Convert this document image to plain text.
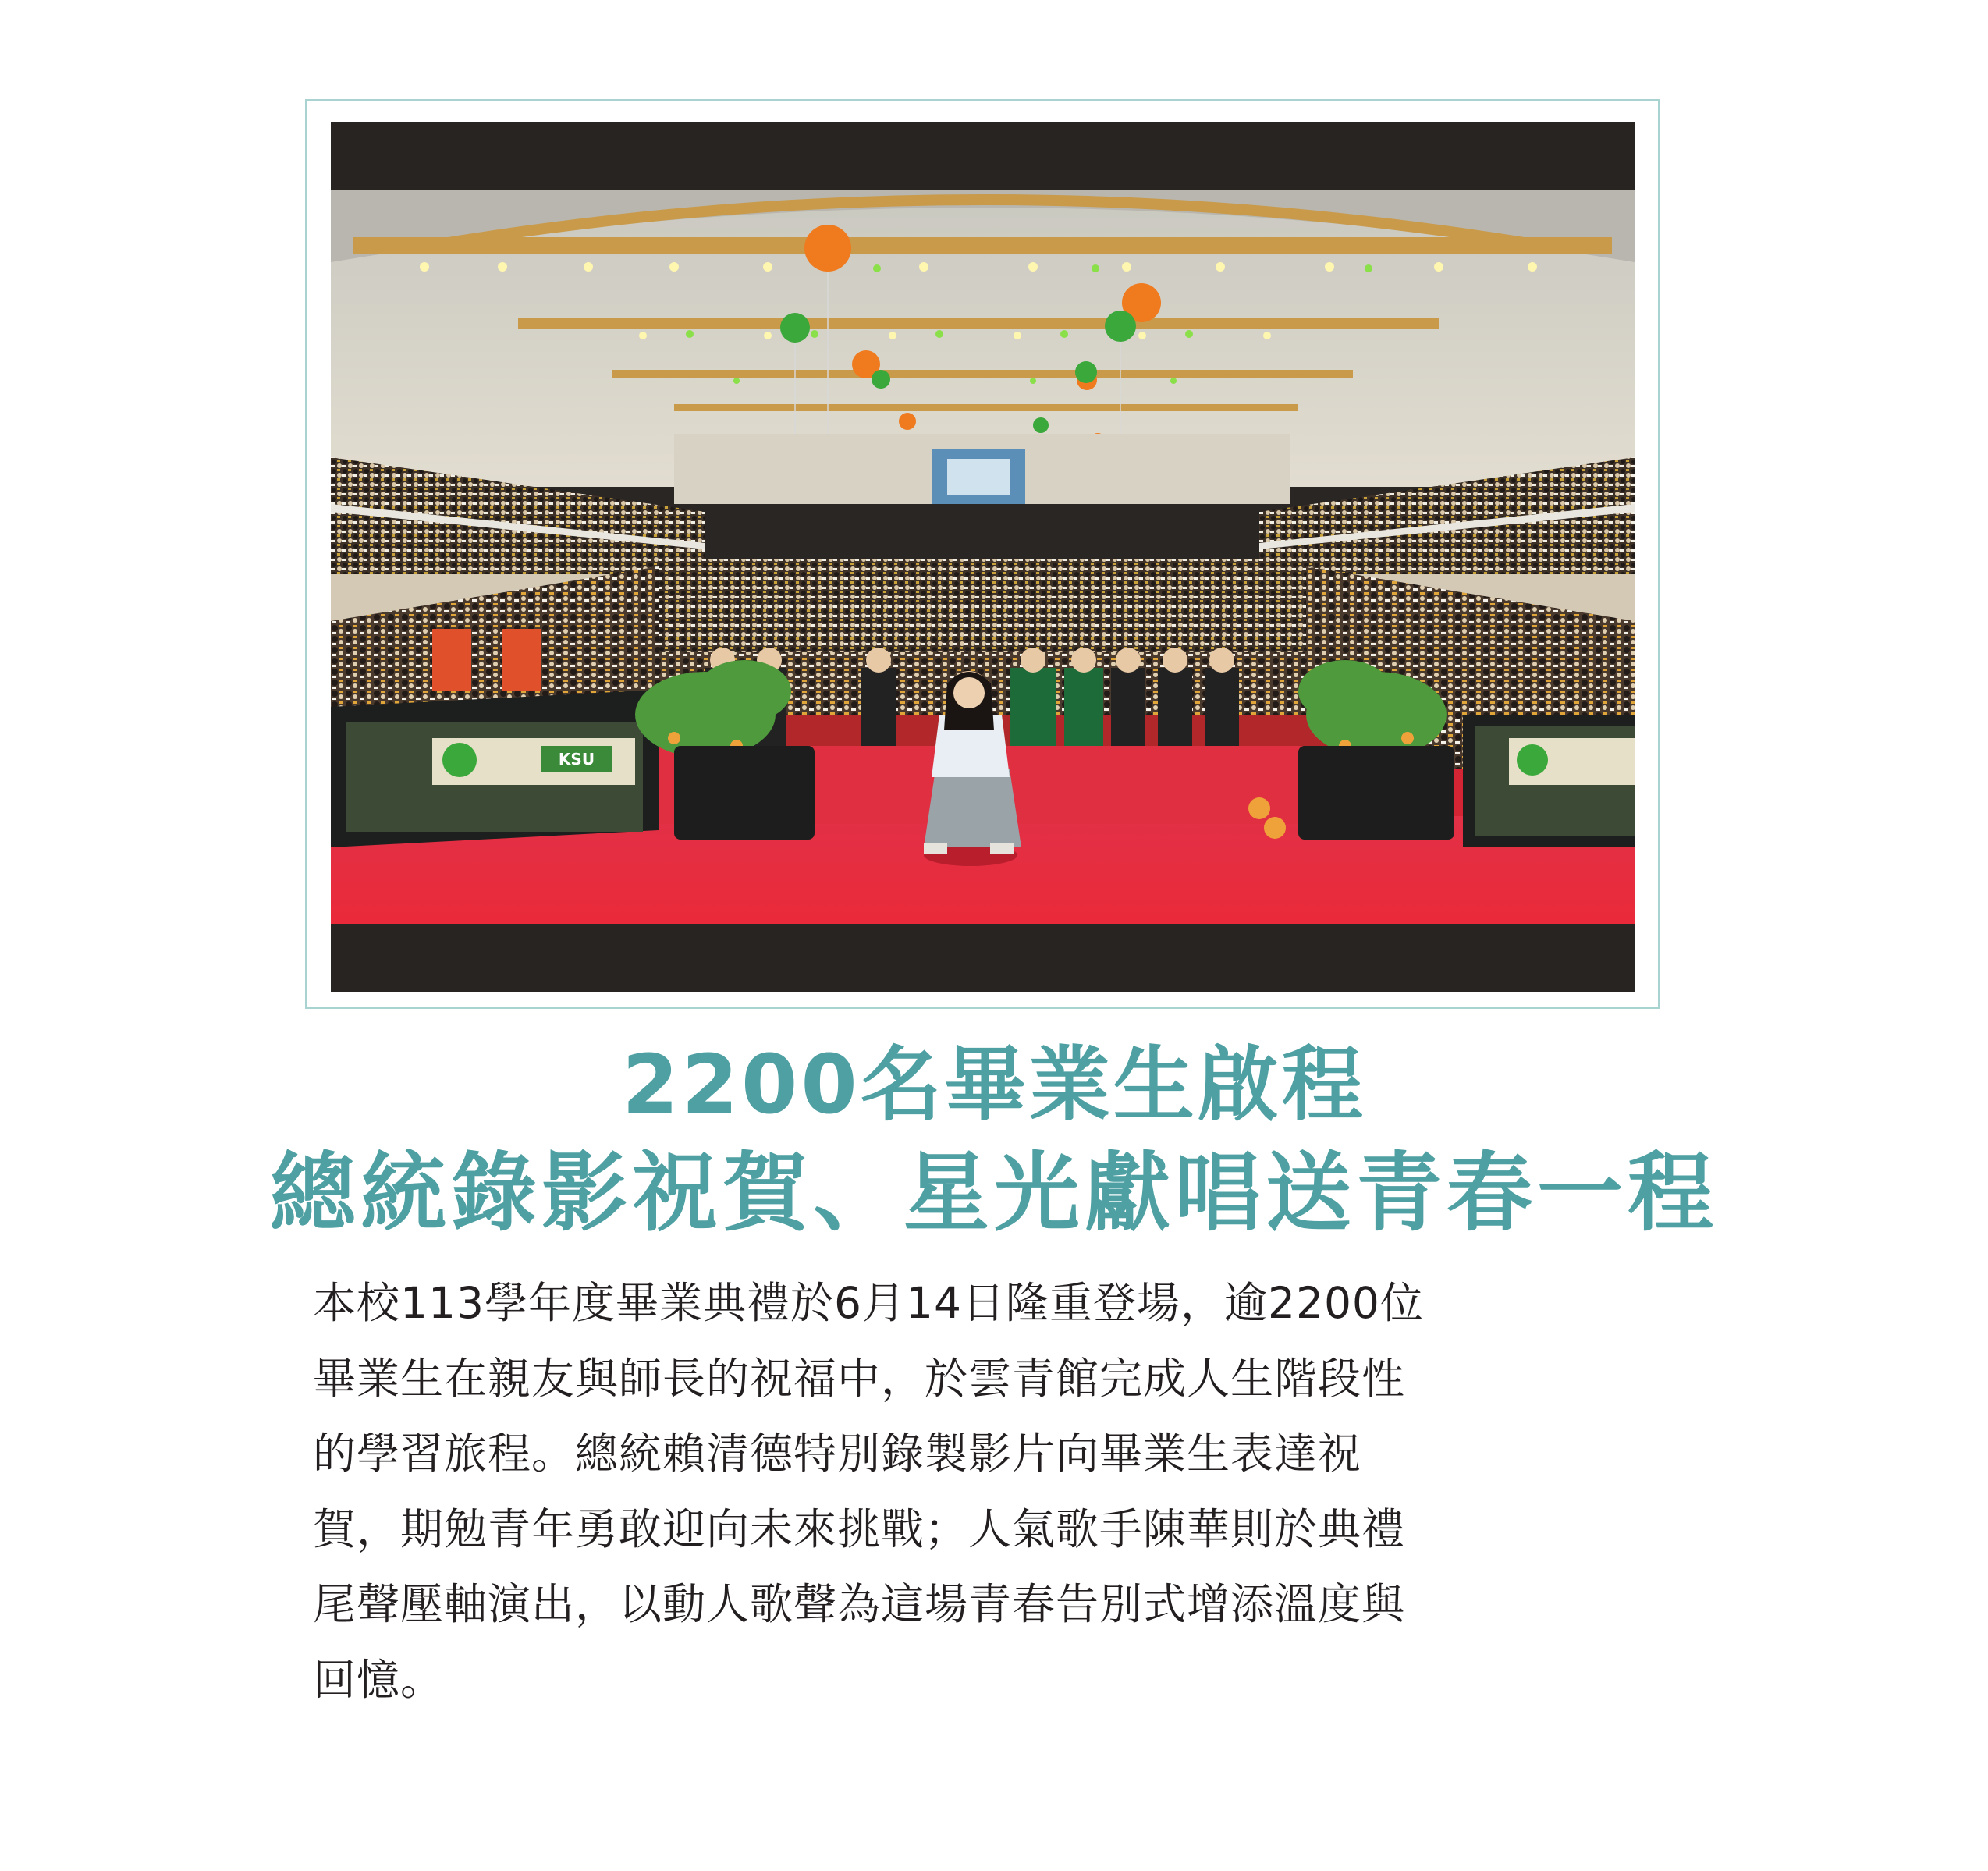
KSU
2200名畢業生啟程
總統錄影祝賀、星光獻唱送青春一程
本校113學年度畢業典禮於6月14日隆重登場，逾2200位
畢業生在親友與師長的祝福中，於雲青館完成人生階段性
的學習旅程。總統賴清德特別錄製影片向畢業生表達祝
賀，期勉青年勇敢迎向未來挑戰；人氣歌手陳華則於典禮
尾聲壓軸演出，以動人歌聲為這場青春告別式增添溫度與
回憶。
